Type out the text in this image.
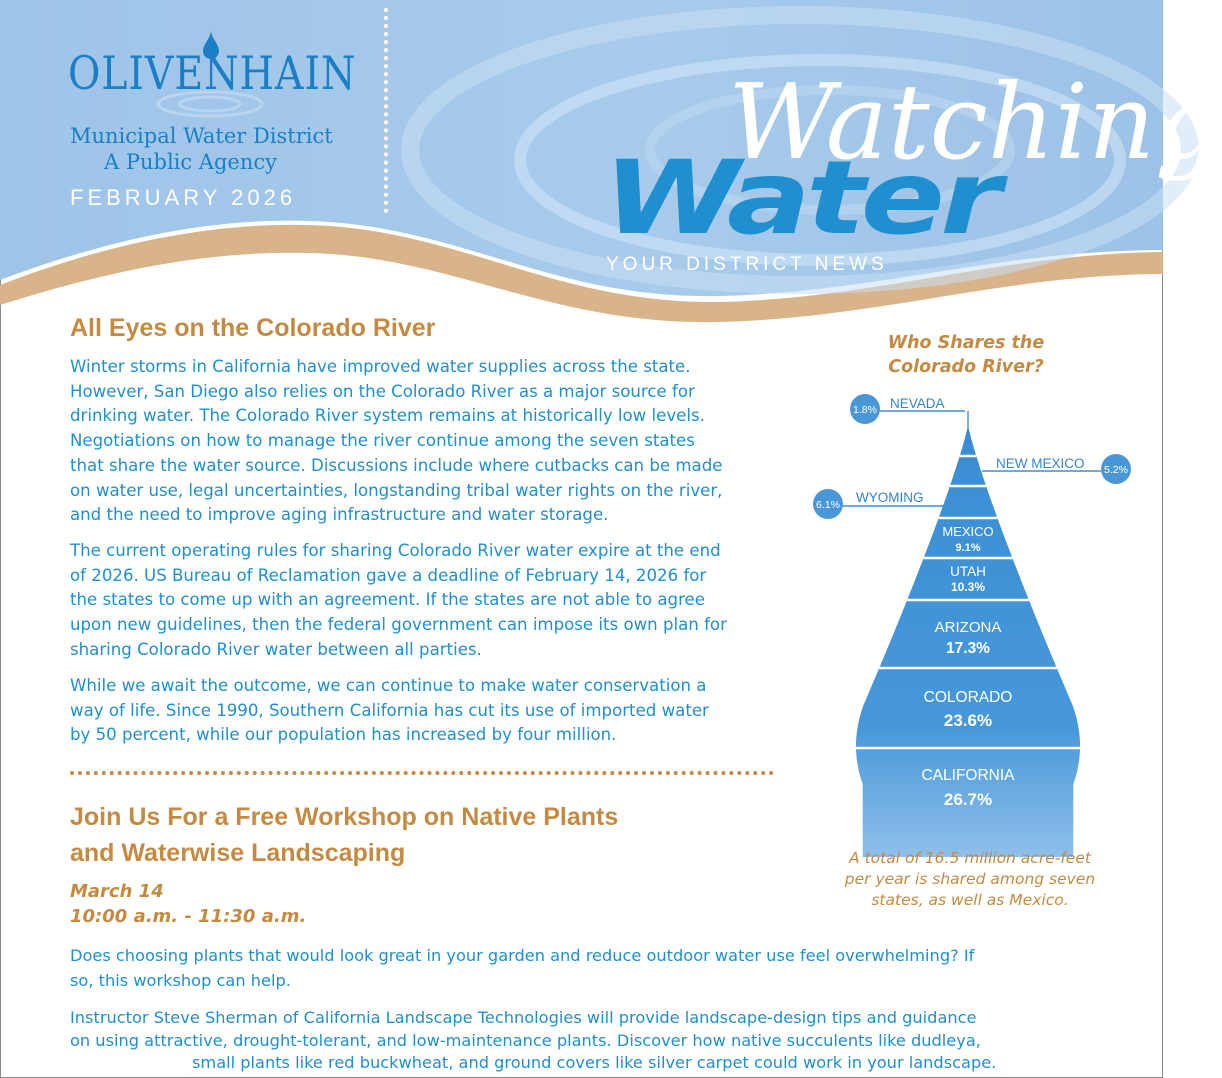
OLIVENHAIN
Municipal Water District
A Public Agency
FEBRUARY 2026
Watching
Water
YOUR DISTRICT NEWS
All Eyes on the Colorado River
Winter storms in California have improved water supplies across the state.
However, San Diego also relies on the Colorado River as a major source for
drinking water. The Colorado River system remains at historically low levels.
Negotiations on how to manage the river continue among the seven states
that share the water source. Discussions include where cutbacks can be made
on water use, legal uncertainties, longstanding tribal water rights on the river,
and the need to improve aging infrastructure and water storage.
The current operating rules for sharing Colorado River water expire at the end
of 2026. US Bureau of Reclamation gave a deadline of February 14, 2026 for
the states to come up with an agreement. If the states are not able to agree
upon new guidelines, then the federal government can impose its own plan for
sharing Colorado River water between all parties.
While we await the outcome, we can continue to make water conservation a
way of life. Since 1990, Southern California has cut its use of imported water
by 50 percent, while our population has increased by four million.
Join Us For a Free Workshop on Native Plants
and Waterwise Landscaping
March 14
10:00 a.m. - 11:30 a.m.
Does choosing plants that would look great in your garden and reduce outdoor water use feel overwhelming? If
so, this workshop can help.
Instructor Steve Sherman of California Landscape Technologies will provide landscape-design tips and guidance
on using attractive, drought-tolerant, and low-maintenance plants. Discover how native succulents like dudleya,
small plants like red buckwheat, and ground covers like silver carpet could work in your landscape.
Who Shares the
Colorado River?
MEXICO
9.1%
UTAH
10.3%
ARIZONA
17.3%
COLORADO
23.6%
CALIFORNIA
26.7%
1.8% NEVADA
5.2%
NEW MEXICO
6.1% WYOMING
A total of 16.5 million acre-feet
per year is shared among seven
states, as well as Mexico.
